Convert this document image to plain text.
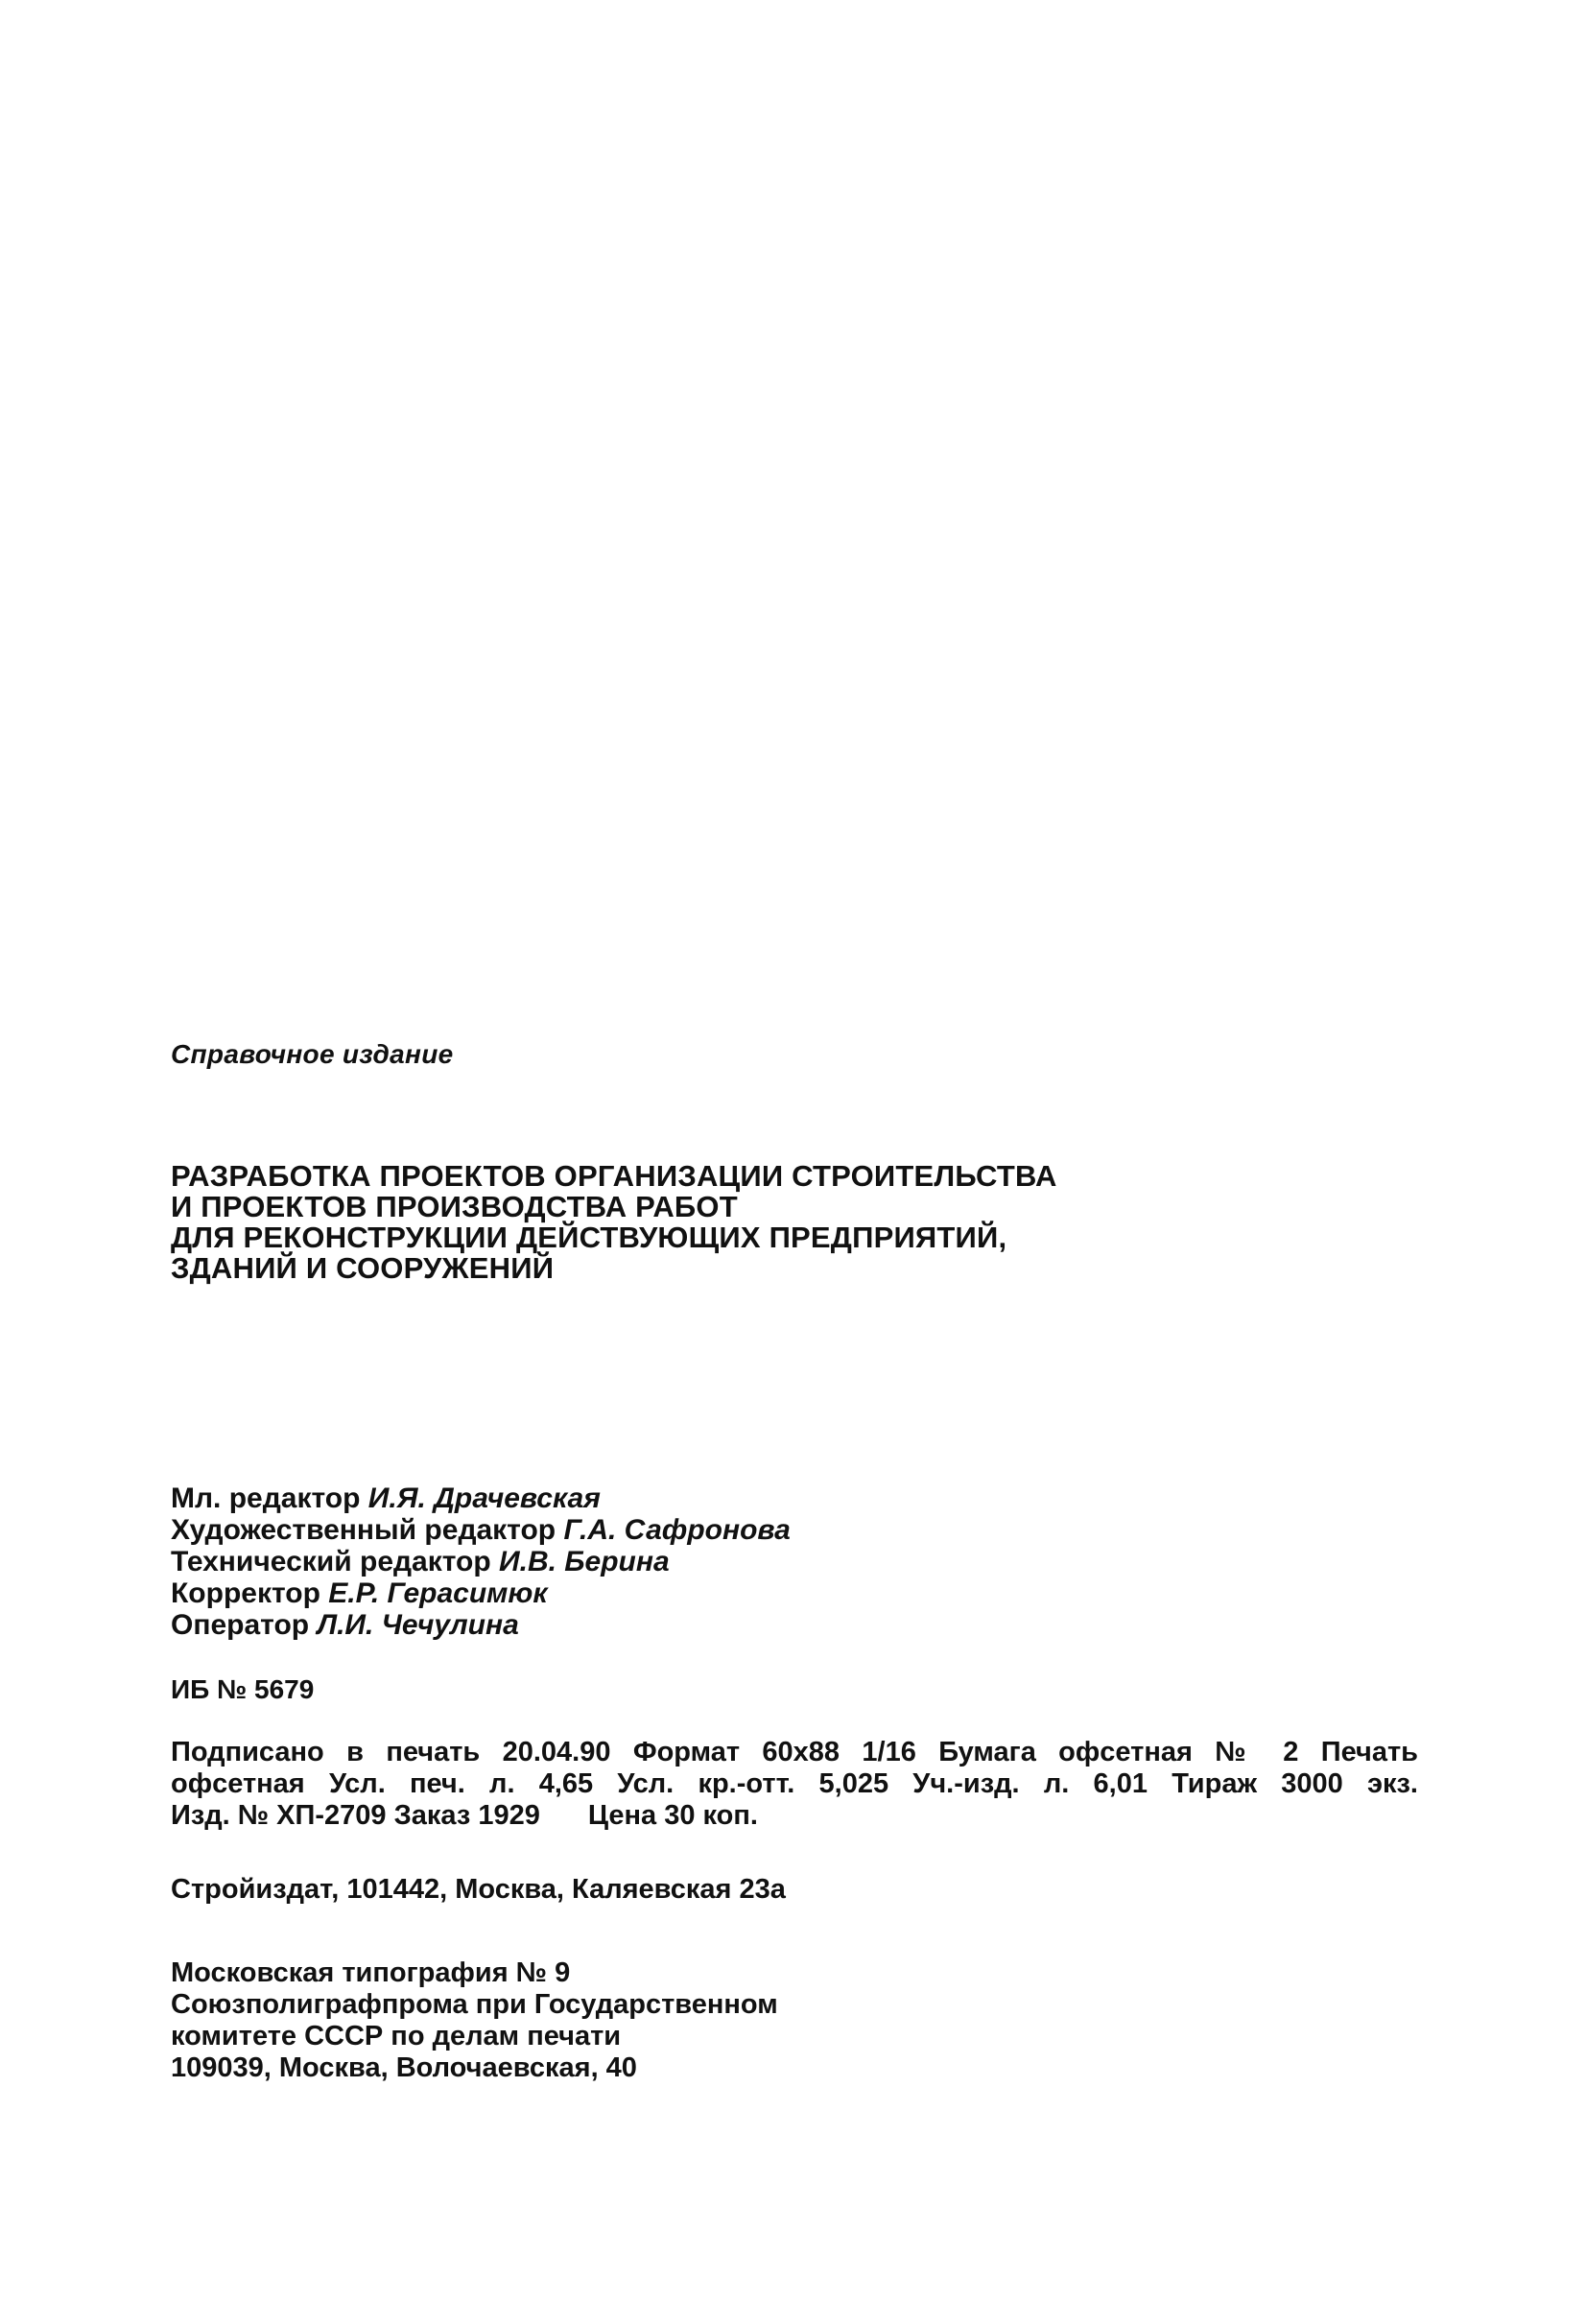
Справочное издание
РАЗРАБОТКА ПРОЕКТОВ ОРГАНИЗАЦИИ СТРОИТЕЛЬСТВА
И ПРОЕКТОВ ПРОИЗВОДСТВА РАБОТ
ДЛЯ РЕКОНСТРУКЦИИ ДЕЙСТВУЮЩИХ ПРЕДПРИЯТИЙ,
ЗДАНИЙ И СООРУЖЕНИЙ
Мл. редактор И.Я. Драчевская
Художественный редактор Г.А. Сафронова
Технический редактор И.В. Берина
Корректор Е.Р. Герасимюк
Оператор Л.И. Чечулина
ИБ № 5679
Подписано в печать 20.04.90 Формат 60х88 1/16 Бумага офсетная № 2 Печать
офсетная Усл. печ. л. 4,65 Усл. кр.-отт. 5,025 Уч.-изд. л. 6,01 Тираж 3000 экз.
Изд. № ХП-2709 Заказ 1929 Цена 30 коп.
Стройиздат, 101442, Москва, Каляевская 23а
Московская типография № 9
Союзполиграфпрома при Государственном
комитете СССР по делам печати
109039, Москва, Волочаевская, 40
